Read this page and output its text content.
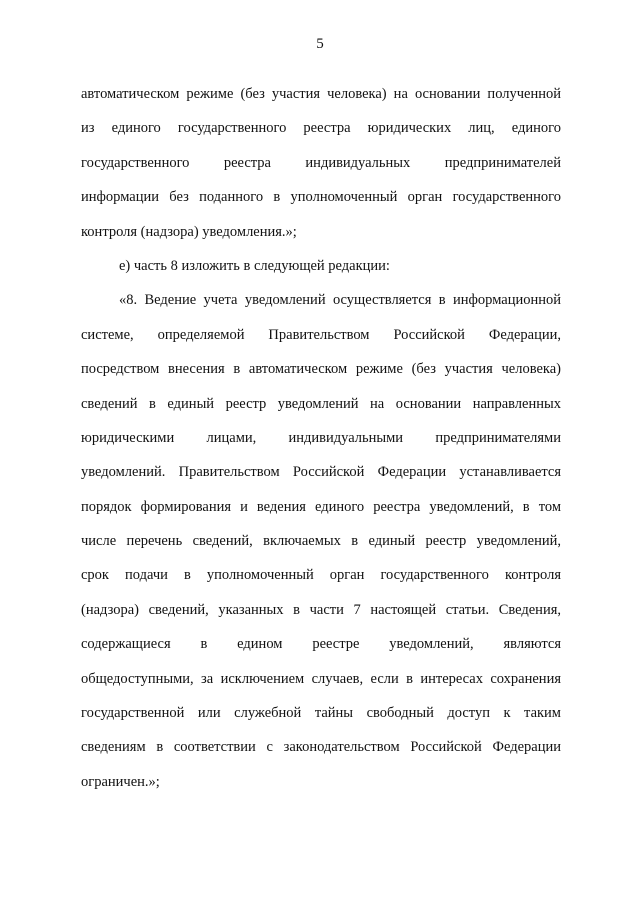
5
автоматическом режиме (без участия человека) на основании полученной
из единого государственного реестра юридических лиц, единого
государственного реестра индивидуальных предпринимателей
информации без поданного в уполномоченный орган государственного
контроля (надзора) уведомления.»;
е) часть 8 изложить в следующей редакции:
«8. Ведение учета уведомлений осуществляется в информационной
системе, определяемой Правительством Российской Федерации,
посредством внесения в автоматическом режиме (без участия человека)
сведений в единый реестр уведомлений на основании направленных
юридическими лицами, индивидуальными предпринимателями
уведомлений. Правительством Российской Федерации устанавливается
порядок формирования и ведения единого реестра уведомлений, в том
числе перечень сведений, включаемых в единый реестр уведомлений,
срок подачи в уполномоченный орган государственного контроля
(надзора) сведений, указанных в части 7 настоящей статьи. Сведения,
содержащиеся в едином реестре уведомлений, являются
общедоступными, за исключением случаев, если в интересах сохранения
государственной или служебной тайны свободный доступ к таким
сведениям в соответствии с законодательством Российской Федерации
ограничен.»;
